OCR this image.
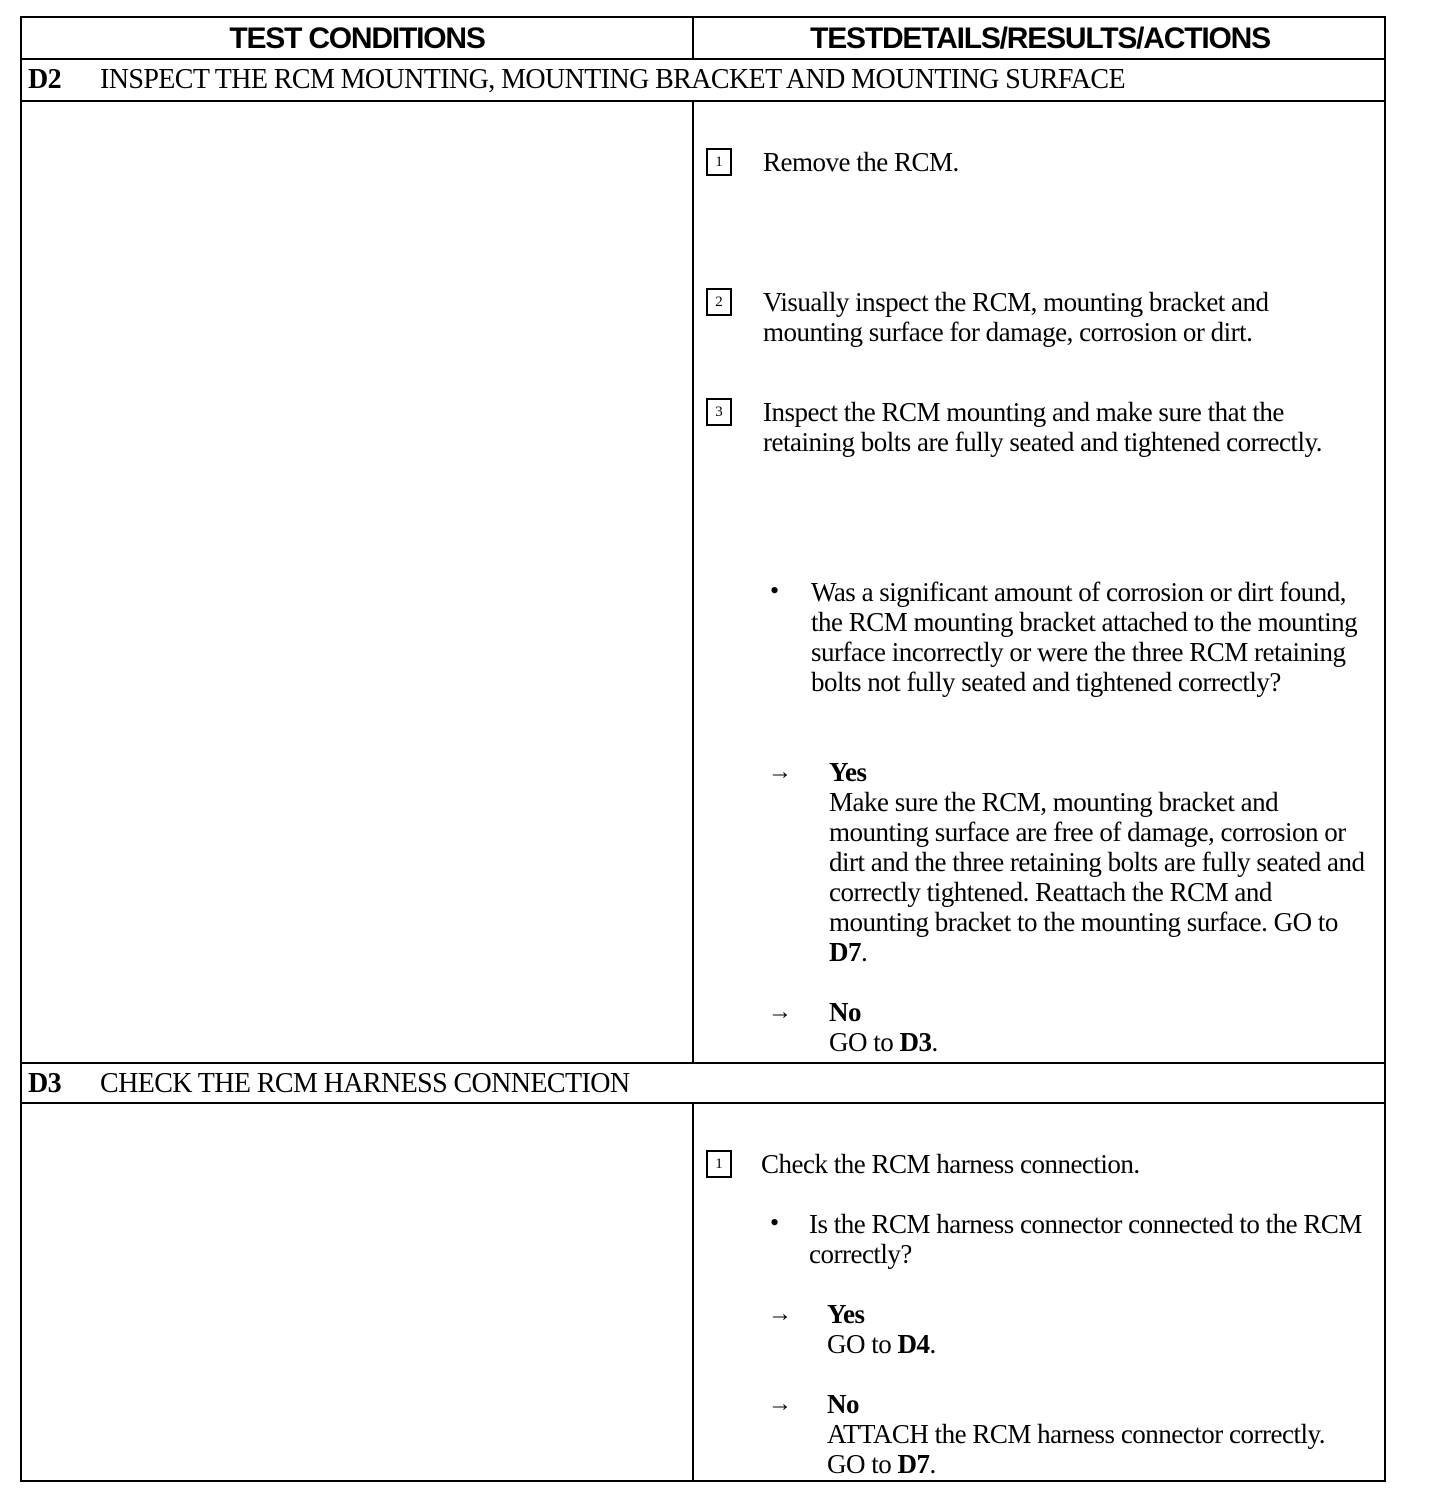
TEST CONDITIONS	TESTDETAILS/RESULTS/ACTIONS
D2 INSPECT THE RCM MOUNTING, MOUNTING BRACKET AND MOUNTING SURFACE
1	Remove the RCM.
2	Visually inspect the RCM, mounting bracket and mounting surface for damage, corrosion or dirt.
3	Inspect the RCM mounting and make sure that the retaining bolts are fully seated and tightened correctly.
• Was a significant amount of corrosion or dirt found, the RCM mounting bracket attached to the mounting surface incorrectly or were the three RCM retaining bolts not fully seated and tightened correctly?
→ Yes
Make sure the RCM, mounting bracket and mounting surface are free of damage, corrosion or dirt and the three retaining bolts are fully seated and correctly tightened. Reattach the RCM and mounting bracket to the mounting surface. GO to D7.
→ No
GO to D3.
D3 CHECK THE RCM HARNESS CONNECTION
1	Check the RCM harness connection.
• Is the RCM harness connector connected to the RCM correctly?
→ Yes
GO to D4.
→ No
ATTACH the RCM harness connector correctly. GO to D7.
